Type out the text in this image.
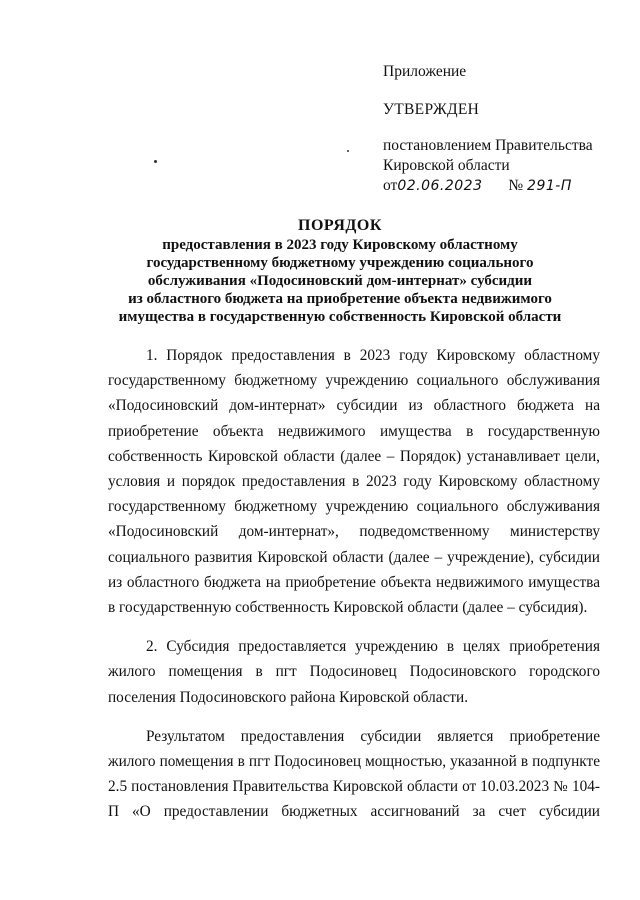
Приложение
УТВЕРЖДЕН
постановлением Правительства
Кировской области
от02.06.2023 № 291-П
ПОРЯДОК
предоставления в 2023 году Кировскому областному
государственному бюджетному учреждению социального
обслуживания «Подосиновский дом-интернат» субсидии
из областного бюджета на приобретение объекта недвижимого
имущества в государственную собственность Кировской области

1. Порядок предоставления в 2023 году Кировскому областному государственному бюджетному учреждению социального обслуживания «Подосиновский дом-интернат» субсидии из областного бюджета на приобретение объекта недвижимого имущества в государственную собственность Кировской области (далее – Порядок) устанавливает цели, условия и порядок предоставления в 2023 году Кировскому областному государственному бюджетному учреждению социального обслуживания «Подосиновский дом-интернат», подведомственному министерству социального развития Кировской области (далее – учреждение), субсидии из областного бюджета на приобретение объекта недвижимого имущества в государственную собственность Кировской области (далее – субсидия).

2. Субсидия предоставляется учреждению в целях приобретения жилого помещения в пгт Подосиновец Подосиновского городского поселения Подосиновского района Кировской области.

Результатом предоставления субсидии является приобретение жилого помещения в пгт Подосиновец мощностью, указанной в подпункте 2.5 постановления Правительства Кировской области от 10.03.2023 № 104-П «О предоставлении бюджетных ассигнований за счет субсидии
